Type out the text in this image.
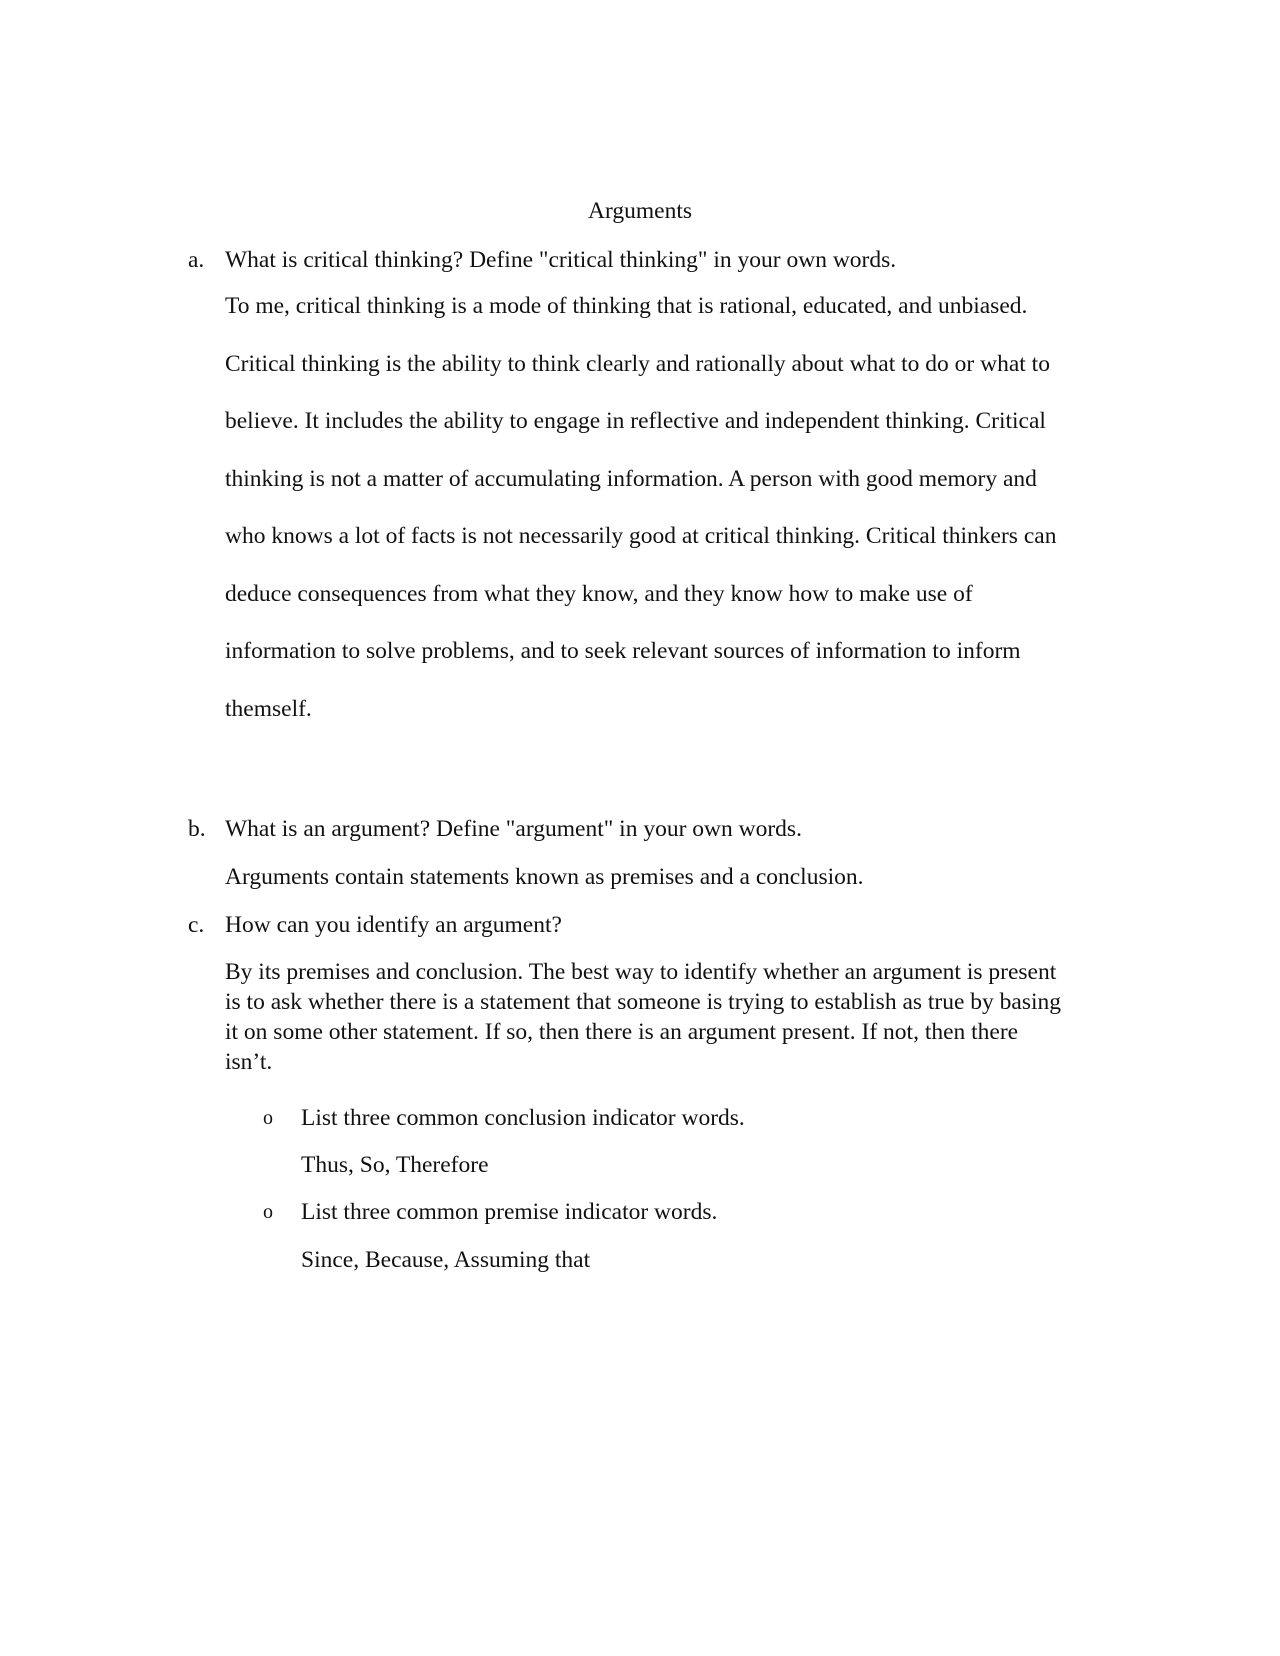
Arguments
a. What is critical thinking? Define "critical thinking" in your own words.

To me, critical thinking is a mode of thinking that is rational, educated, and unbiased.
Critical thinking is the ability to think clearly and rationally about what to do or what to
believe. It includes the ability to engage in reflective and independent thinking. Critical
thinking is not a matter of accumulating information. A person with good memory and
who knows a lot of facts is not necessarily good at critical thinking. Critical thinkers can
deduce consequences from what they know, and they know how to make use of
information to solve problems, and to seek relevant sources of information to inform
themself.
b. What is an argument? Define "argument" in your own words.

Arguments contain statements known as premises and a conclusion.

c. How can you identify an argument?

By its premises and conclusion. The best way to identify whether an argument is present
is to ask whether there is a statement that someone is trying to establish as true by basing
it on some other statement. If so, then there is an argument present. If not, then there
isn’t.
o List three common conclusion indicator words.

Thus, So, Therefore

o List three common premise indicator words.

Since, Because, Assuming that
